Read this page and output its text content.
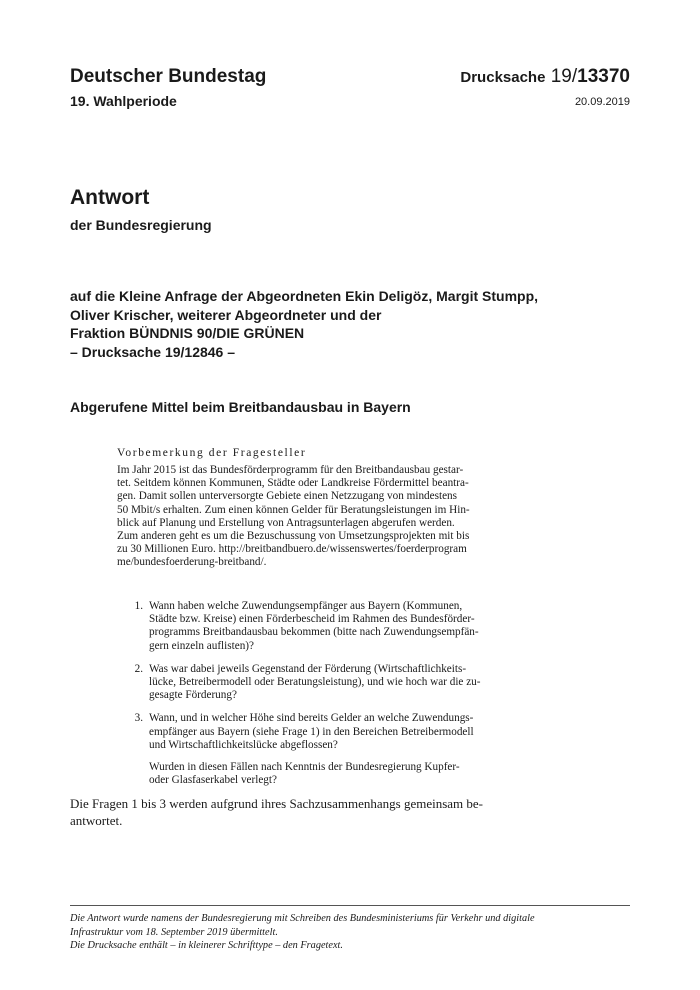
Deutscher Bundestag
19. Wahlperiode
Drucksache 19/13370
20.09.2019
Antwort
der Bundesregierung
auf die Kleine Anfrage der Abgeordneten Ekin Deligöz, Margit Stumpp,
Oliver Krischer, weiterer Abgeordneter und der
Fraktion BÜNDNIS 90/DIE GRÜNEN
– Drucksache 19/12846 –
Abgerufene Mittel beim Breitbandausbau in Bayern
Vorbemerkung der Fragesteller
Im Jahr 2015 ist das Bundesförderprogramm für den Breitbandausbau gestar-
tet. Seitdem können Kommunen, Städte oder Landkreise Fördermittel beantra-
gen. Damit sollen unterversorgte Gebiete einen Netzzugang von mindestens
50 Mbit/s erhalten. Zum einen können Gelder für Beratungsleistungen im Hin-
blick auf Planung und Erstellung von Antragsunterlagen abgerufen werden.
Zum anderen geht es um die Bezuschussung von Umsetzungsprojekten mit bis
zu 30 Millionen Euro. http://breitbandbuero.de/wissenswertes/foerderprogram
me/bundesfoerderung-breitband/.
1. Wann haben welche Zuwendungsempfänger aus Bayern (Kommunen,
Städte bzw. Kreise) einen Förderbescheid im Rahmen des Bundesförder-
programms Breitbandausbau bekommen (bitte nach Zuwendungsempfän-
gern einzeln auflisten)?
2. Was war dabei jeweils Gegenstand der Förderung (Wirtschaftlichkeits-
lücke, Betreibermodell oder Beratungsleistung), und wie hoch war die zu-
gesagte Förderung?
3. Wann, und in welcher Höhe sind bereits Gelder an welche Zuwendungs-
empfänger aus Bayern (siehe Frage 1) in den Bereichen Betreibermodell
und Wirtschaftlichkeitslücke abgeflossen?
Wurden in diesen Fällen nach Kenntnis der Bundesregierung Kupfer-
oder Glasfaserkabel verlegt?
Die Fragen 1 bis 3 werden aufgrund ihres Sachzusammenhangs gemeinsam be-
antwortet.
Die Antwort wurde namens der Bundesregierung mit Schreiben des Bundesministeriums für Verkehr und digitale
Infrastruktur vom 18. September 2019 übermittelt.
Die Drucksache enthält – in kleinerer Schrifttype – den Fragetext.
